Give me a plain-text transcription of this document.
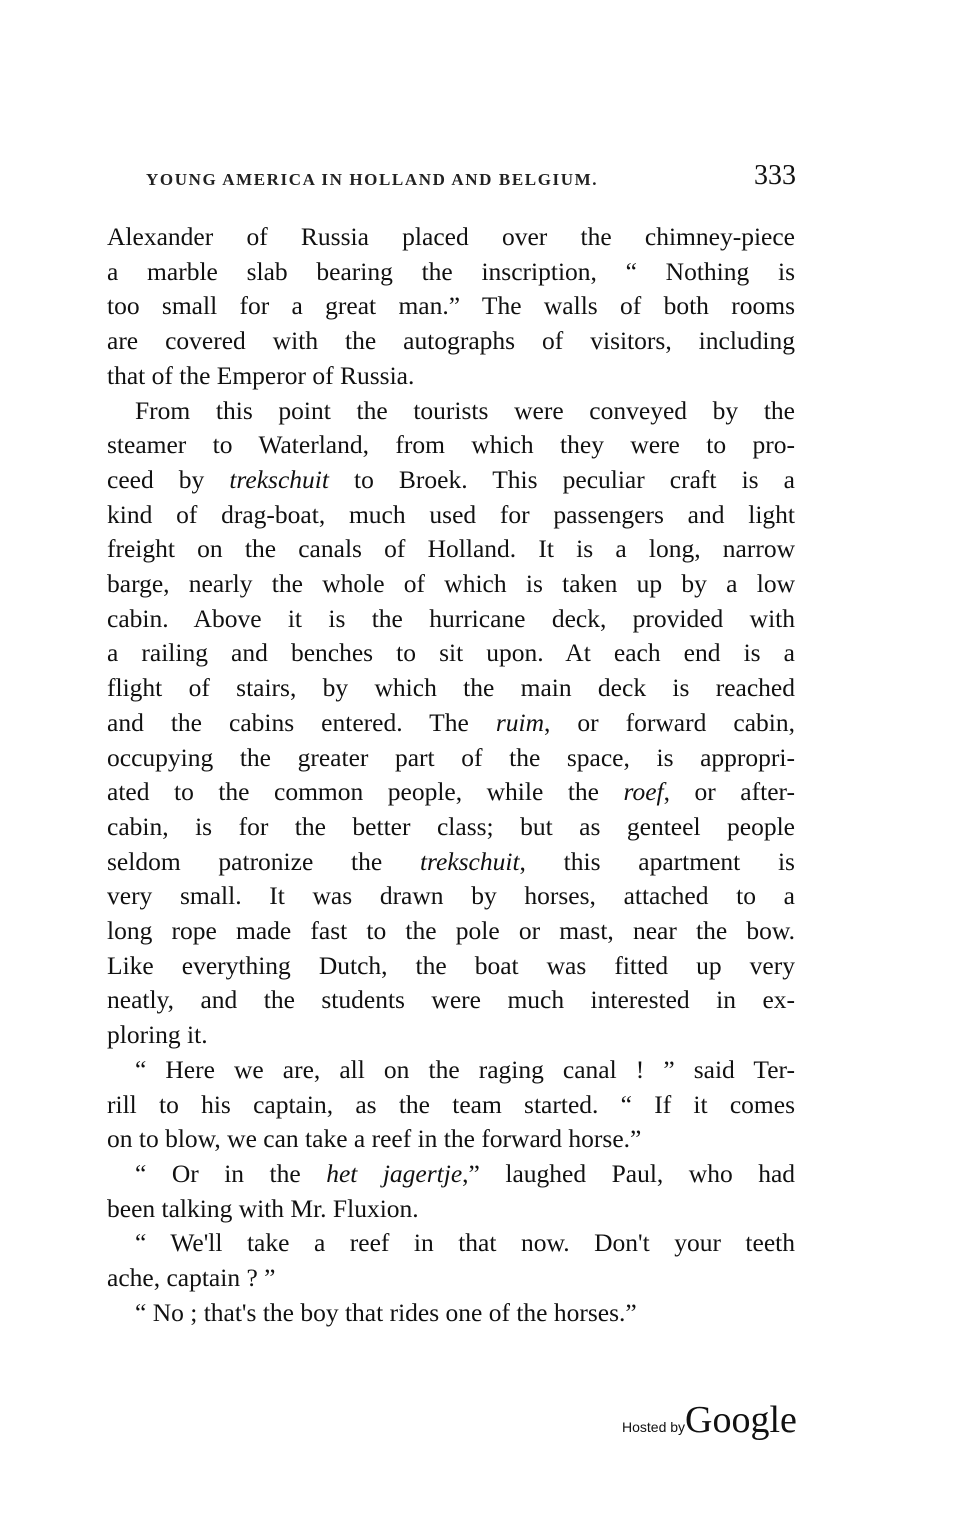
YOUNG AMERICA IN HOLLAND AND BELGIUM.	333
Alexander of Russia placed over the chimney-piece
a marble slab bearing the inscription, “ Nothing is
too small for a great man.” The walls of both rooms
are covered with the autographs of visitors, including
that of the Emperor of Russia.
From this point the tourists were conveyed by the
steamer to Waterland, from which they were to pro-
ceed by trekschuit to Broek. This peculiar craft is a
kind of drag-boat, much used for passengers and light
freight on the canals of Holland. It is a long, narrow
barge, nearly the whole of which is taken up by a low
cabin. Above it is the hurricane deck, provided with
a railing and benches to sit upon. At each end is a
flight of stairs, by which the main deck is reached
and the cabins entered. The ruim, or forward cabin,
occupying the greater part of the space, is appropri-
ated to the common people, while the roef, or after-
cabin, is for the better class; but as genteel people
seldom patronize the trekschuit, this apartment is
very small. It was drawn by horses, attached to a
long rope made fast to the pole or mast, near the bow.
Like everything Dutch, the boat was fitted up very
neatly, and the students were much interested in ex-
ploring it.
“ Here we are, all on the raging canal ! ” said Ter-
rill to his captain, as the team started. “ If it comes
on to blow, we can take a reef in the forward horse.”
“ Or in the het jagertje,” laughed Paul, who had
been talking with Mr. Fluxion.
“ We'll take a reef in that now. Don't your teeth
ache, captain ? ”
“ No ; that's the boy that rides one of the horses.”
Hosted byGoogle
